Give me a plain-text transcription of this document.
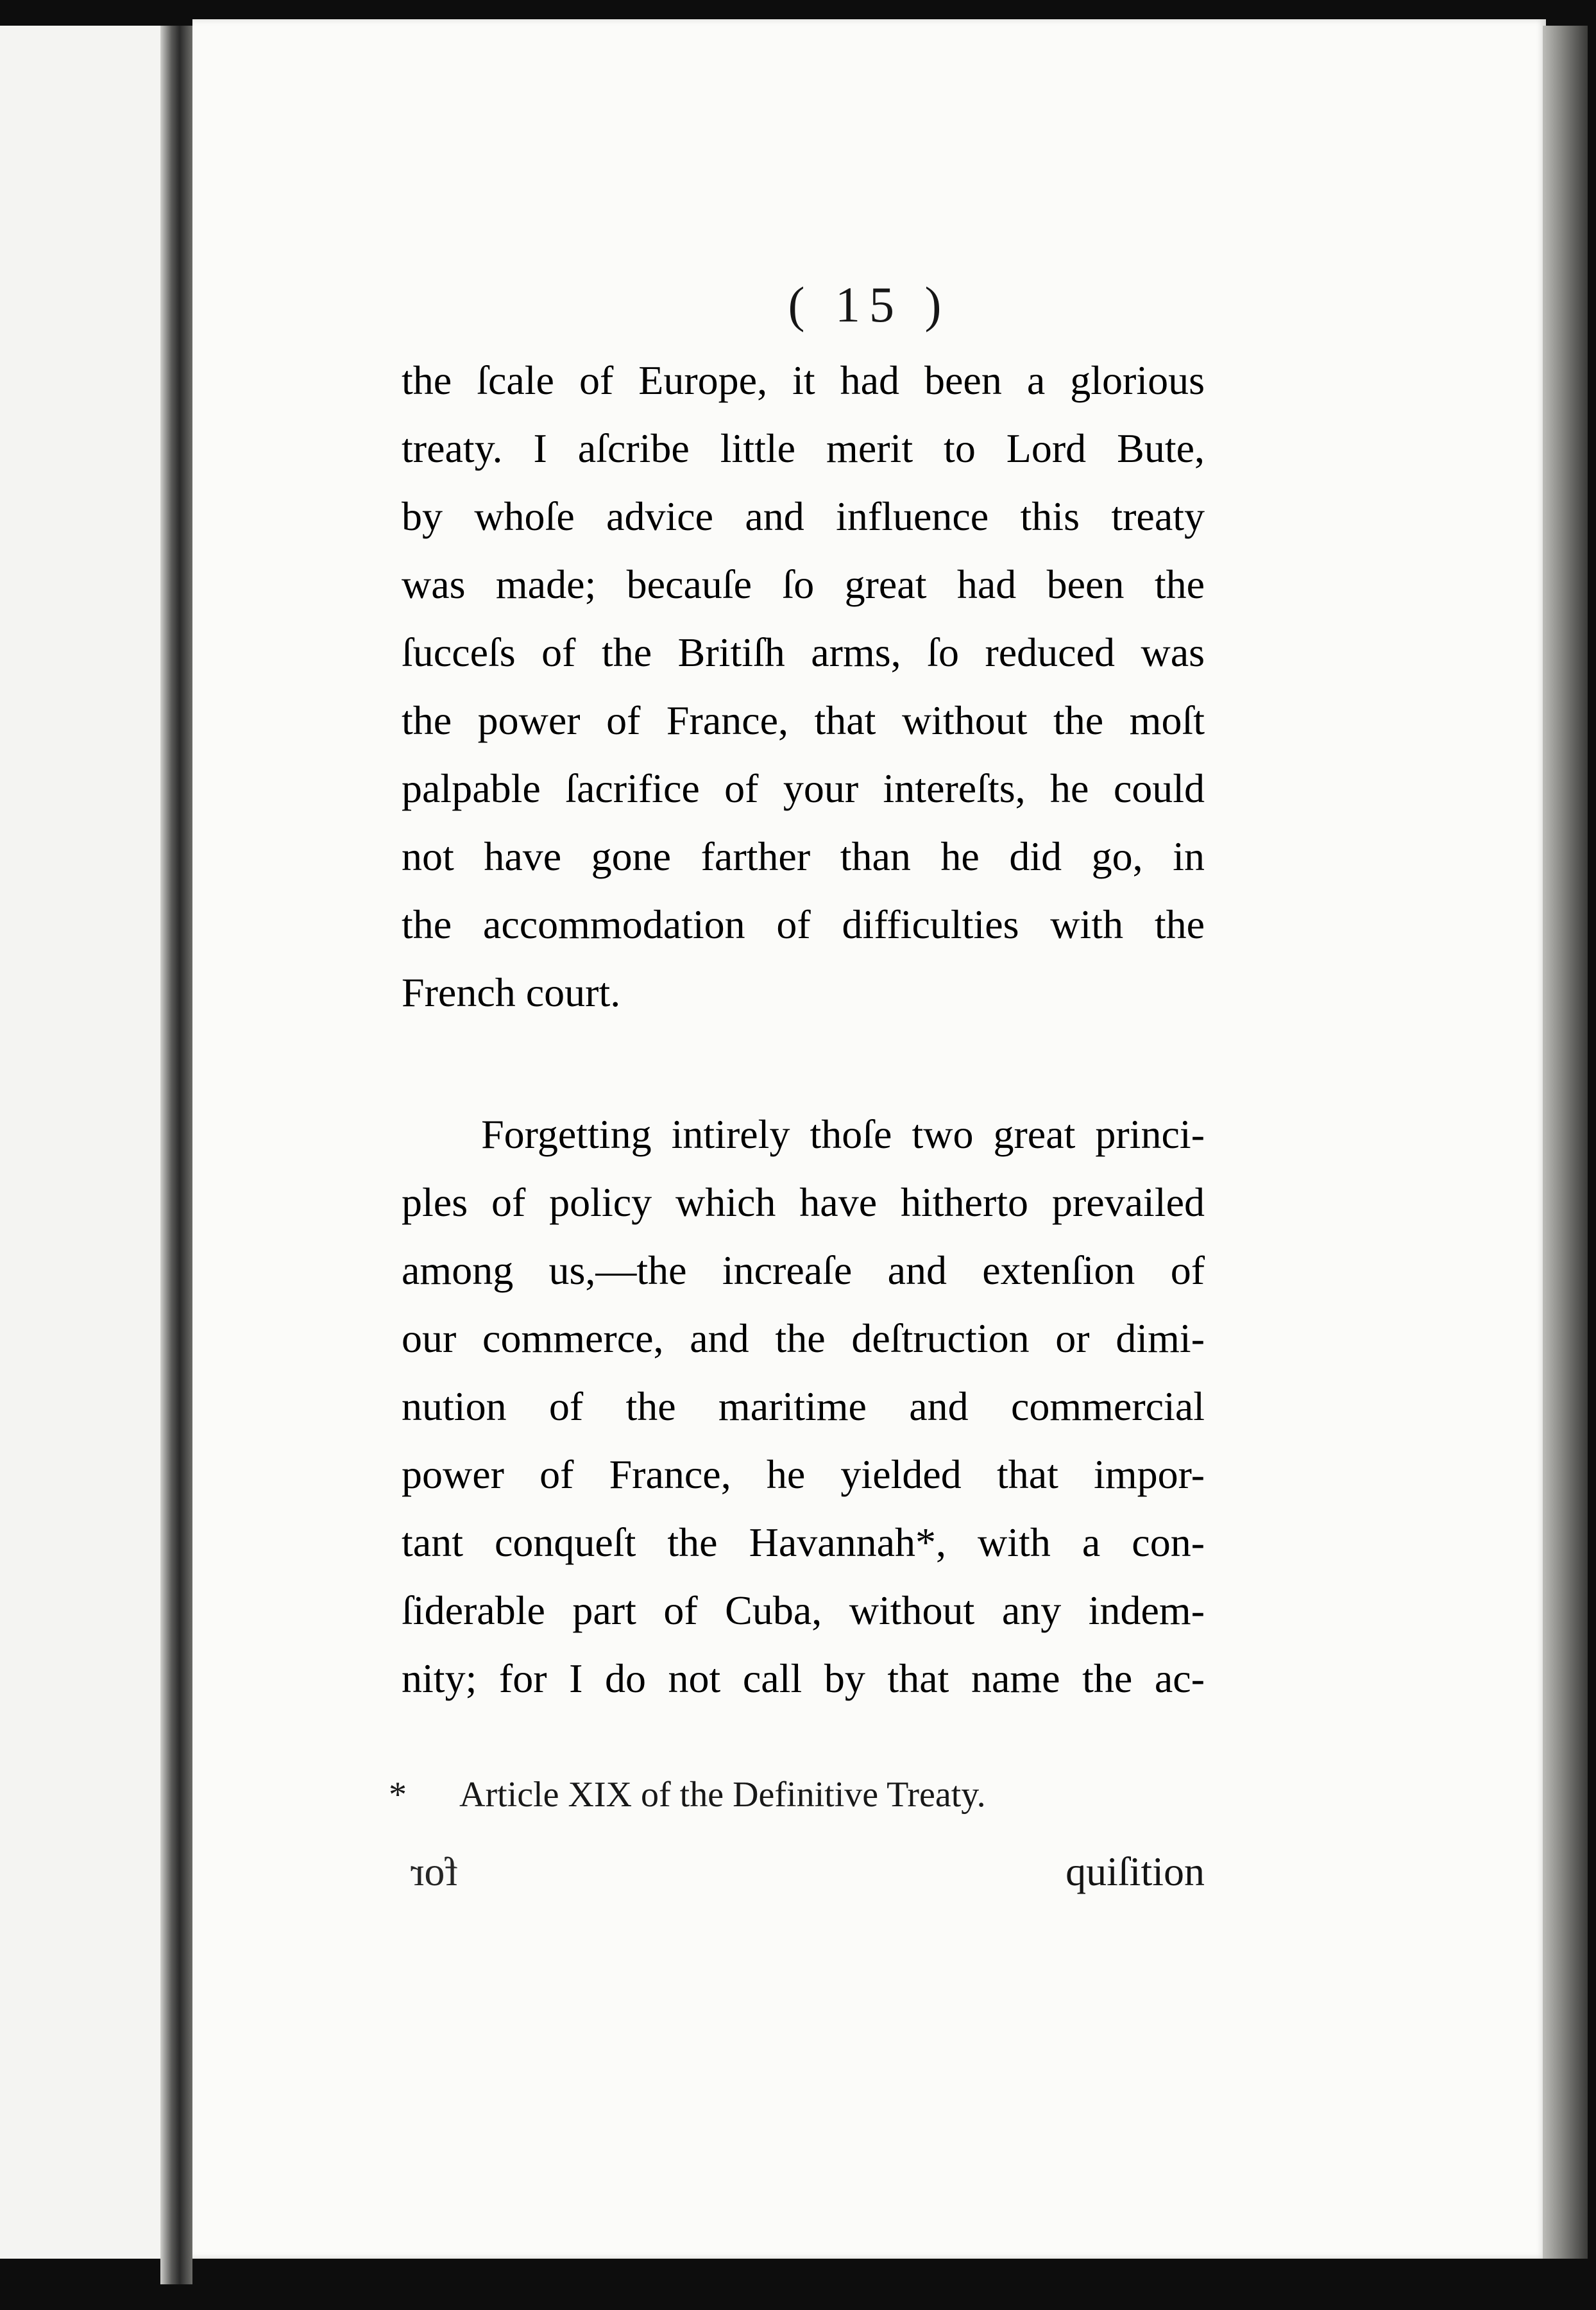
( 15 )
the ſcale of Europe, it had been a glorious
treaty. I aſcribe little merit to Lord Bute,
by whoſe advice and influence this treaty
was made; becauſe ſo great had been the
ſucceſs of the Britiſh arms, ſo reduced was
the power of France, that without the moſt
palpable ſacrifice of your intereſts, he could
not have gone farther than he did go, in
the accommodation of difficulties with the
French court.
Forgetting intirely thoſe two great princi-
ples of policy which have hitherto prevailed
among us,—the increaſe and extenſion of
our commerce, and the deſtruction or dimi-
nution of the maritime and commercial
power of France, he yielded that impor-
tant conqueſt the Havannah*, with a con-
ſiderable part of Cuba, without any indem-
nity; for I do not call by that name the ac-
* Article XIX of the Definitive Treaty.
for	quiſition
